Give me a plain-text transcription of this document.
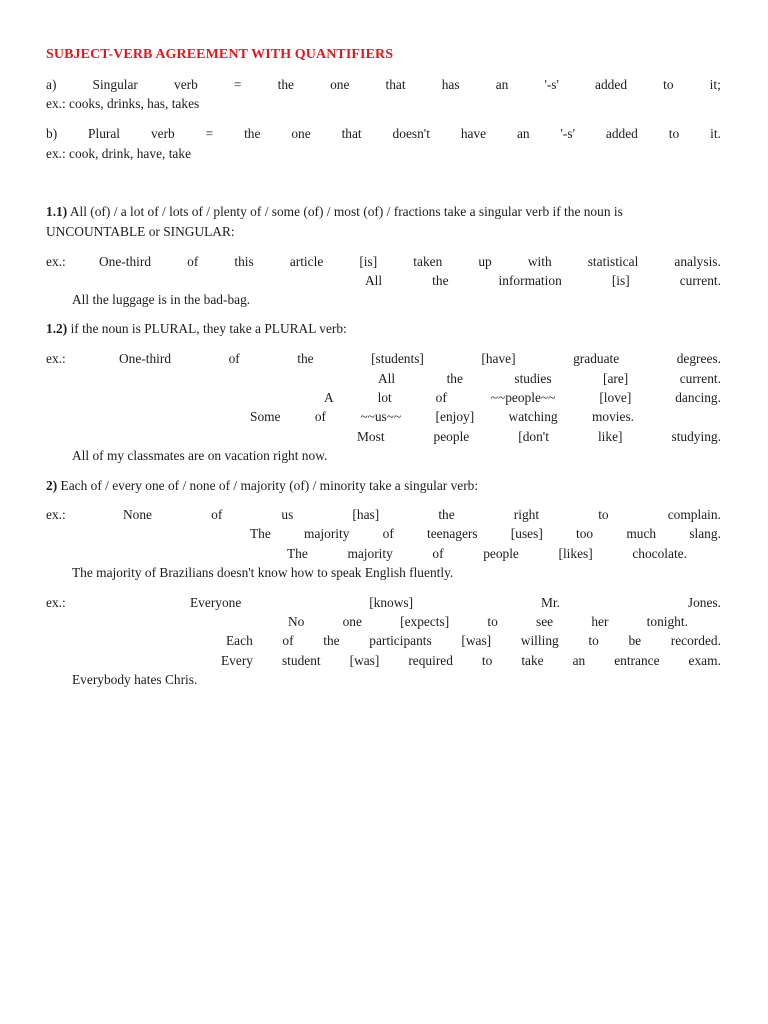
SUBJECT-VERB AGREEMENT WITH QUANTIFIERS
a)	Singular	verb	=	the	one	that	has	an	'-s'	added	to	it;
ex.: cooks, drinks, has, takes
b) Plural verb = the one that doesn't have an '-s' added to it.
ex.: cook, drink, have, take
1.1) All (of) / a lot of / lots of / plenty of / some (of) / most (of) / fractions take a singular verb if the noun is
UNCOUNTABLE or SINGULAR:
ex.: One-third	of	this	article	[is]	taken	up	with	statistical	analysis.
All	the	information	[is]	current.
All the luggage is in the bad-bag.
1.2) if the noun is PLURAL, they take a PLURAL verb:
ex.:	One-third	of	the	[students]	[have]	graduate	degrees.
All	the	studies	[are]	current.
A	lot	of	~~people~~	[love]	dancing.
Some	of	~~us~~	[enjoy]	watching	movies.
Most	people	[don't	like]	studying.
All of my classmates are on vacation right now.
2) Each of / every one of / none of / majority (of) / minority take a singular verb:
ex.:	None	of	us	[has]	the	right	to	complain.
The majority of teenagers [uses] too much slang.
The	majority	of	people	[likes]	chocolate.
The majority of Brazilians doesn't know how to speak English fluently.
ex.:	Everyone	[knows]	Mr.	Jones.
No	one	[expects]	to	see	her	tonight.
Each of the participants [was] willing to be recorded.
Every student [was] required to take an entrance exam.
Everybody hates Chris.
